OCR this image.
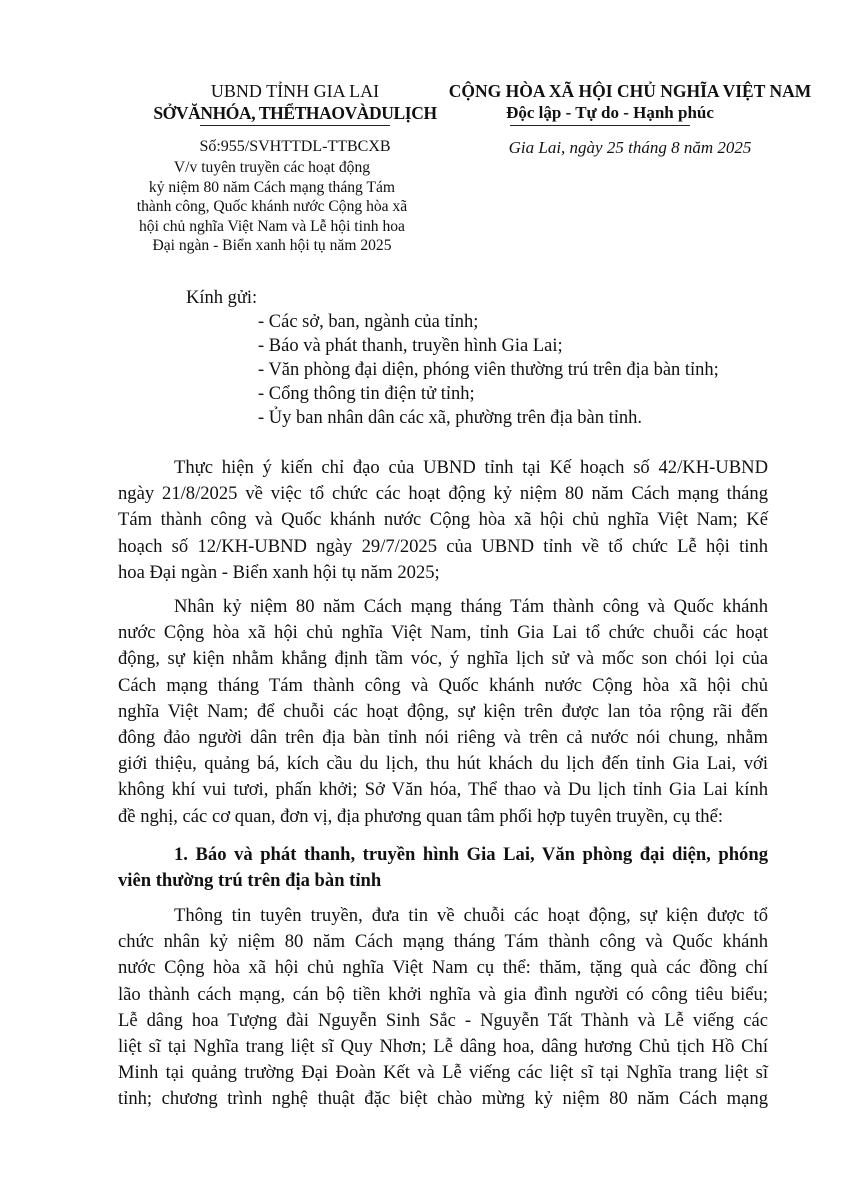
UBND TỈNH GIA LAI
SỞVĂNHÓA, THỂTHAOVÀDULỊCH
Số:955/SVHTTDL-TTBCXB
V/v tuyên truyền các hoạt động
kỷ niệm 80 năm Cách mạng tháng Tám
thành công, Quốc khánh nước Cộng hòa xã
hội chủ nghĩa Việt Nam và Lễ hội tinh hoa
Đại ngàn - Biển xanh hội tụ năm 2025
CỘNG HÒA XÃ HỘI CHỦ NGHĨA VIỆT NAM
Độc lập - Tự do - Hạnh phúc
Gia Lai, ngày 25 tháng 8 năm 2025
Kính gửi:
- Các sở, ban, ngành của tỉnh;
- Báo và phát thanh, truyền hình Gia Lai;
- Văn phòng đại diện, phóng viên thường trú trên địa bàn tỉnh;
- Cổng thông tin điện tử tỉnh;
- Ủy ban nhân dân các xã, phường trên địa bàn tỉnh.
Thực hiện ý kiến chỉ đạo của UBND tỉnh tại Kế hoạch số 42/KH-UBND
ngày 21/8/2025 về việc tổ chức các hoạt động kỷ niệm 80 năm Cách mạng tháng
Tám thành công và Quốc khánh nước Cộng hòa xã hội chủ nghĩa Việt Nam; Kế
hoạch số 12/KH-UBND ngày 29/7/2025 của UBND tỉnh về tổ chức Lễ hội tinh
hoa Đại ngàn - Biển xanh hội tụ năm 2025;
Nhân kỷ niệm 80 năm Cách mạng tháng Tám thành công và Quốc khánh
nước Cộng hòa xã hội chủ nghĩa Việt Nam, tỉnh Gia Lai tổ chức chuỗi các hoạt
động, sự kiện nhằm khẳng định tầm vóc, ý nghĩa lịch sử và mốc son chói lọi của
Cách mạng tháng Tám thành công và Quốc khánh nước Cộng hòa xã hội chủ
nghĩa Việt Nam; để chuỗi các hoạt động, sự kiện trên được lan tỏa rộng rãi đến
đông đảo người dân trên địa bàn tỉnh nói riêng và trên cả nước nói chung, nhằm
giới thiệu, quảng bá, kích cầu du lịch, thu hút khách du lịch đến tỉnh Gia Lai, với
không khí vui tươi, phấn khởi; Sở Văn hóa, Thể thao và Du lịch tỉnh Gia Lai kính
đề nghị, các cơ quan, đơn vị, địa phương quan tâm phối hợp tuyên truyền, cụ thể:
1. Báo và phát thanh, truyền hình Gia Lai, Văn phòng đại diện, phóng
viên thường trú trên địa bàn tỉnh
Thông tin tuyên truyền, đưa tin về chuỗi các hoạt động, sự kiện được tổ
chức nhân kỷ niệm 80 năm Cách mạng tháng Tám thành công và Quốc khánh
nước Cộng hòa xã hội chủ nghĩa Việt Nam cụ thể: thăm, tặng quà các đồng chí
lão thành cách mạng, cán bộ tiền khởi nghĩa và gia đình người có công tiêu biểu;
Lễ dâng hoa Tượng đài Nguyễn Sinh Sắc - Nguyễn Tất Thành và Lễ viếng các
liệt sĩ tại Nghĩa trang liệt sĩ Quy Nhơn; Lễ dâng hoa, dâng hương Chủ tịch Hồ Chí
Minh tại quảng trường Đại Đoàn Kết và Lễ viếng các liệt sĩ tại Nghĩa trang liệt sĩ
tỉnh; chương trình nghệ thuật đặc biệt chào mừng kỷ niệm 80 năm Cách mạng
